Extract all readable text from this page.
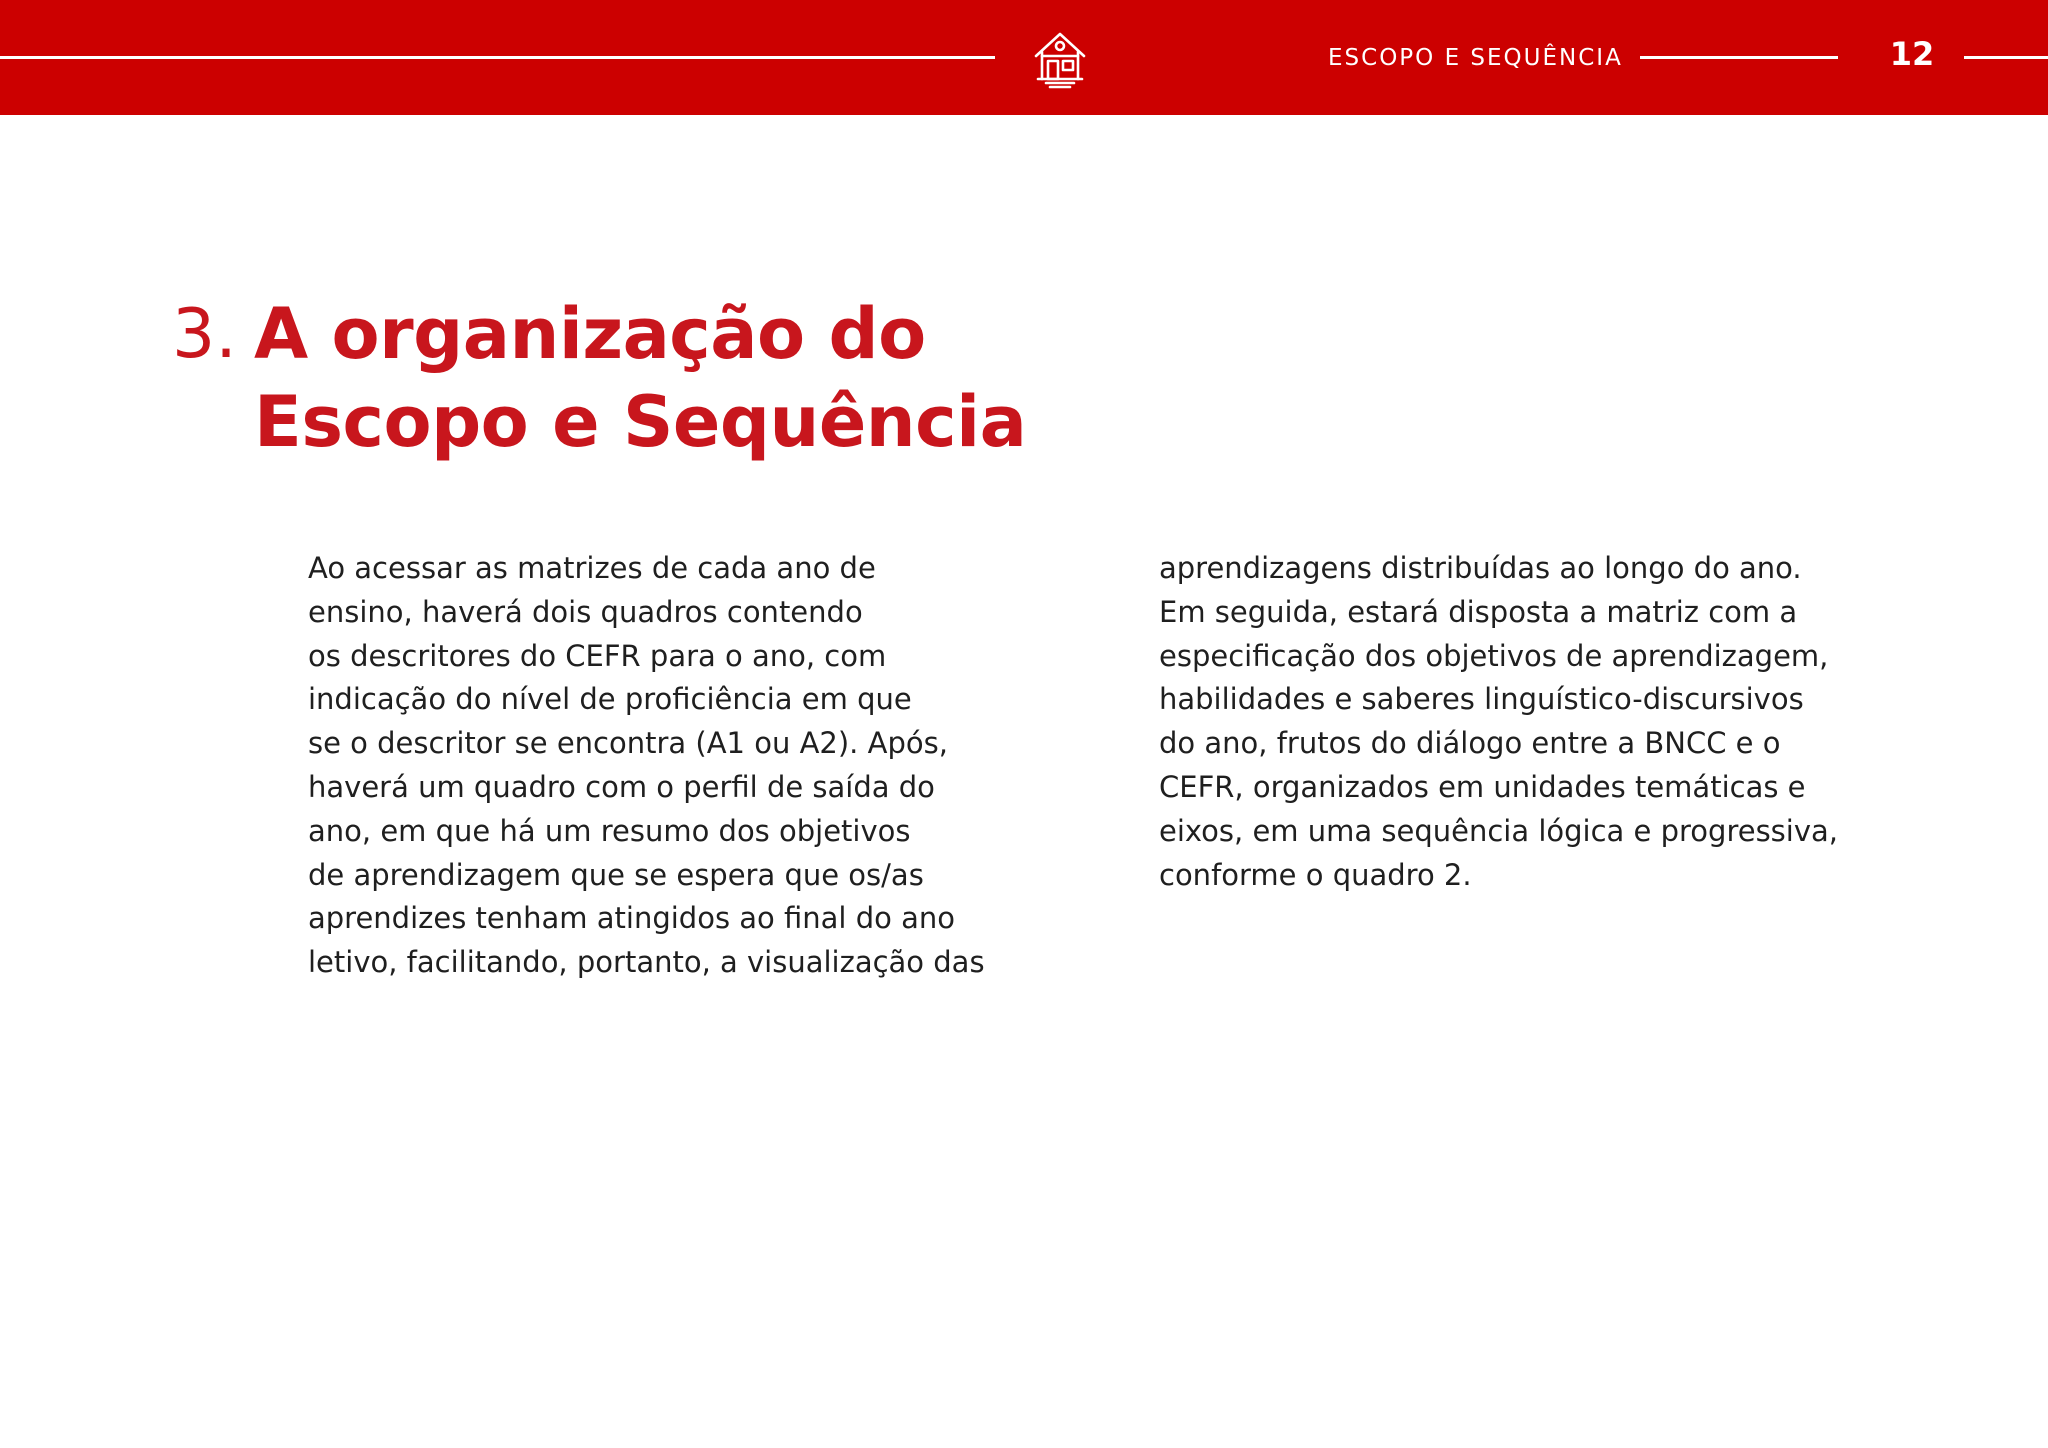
ESCOPO E SEQUÊNCIA	12
3. A organização do
Escopo e Sequência
Ao acessar as matrizes de cada ano de
ensino, haverá dois quadros contendo
os descritores do CEFR para o ano, com
indicação do nível de proficiência em que
se o descritor se encontra (A1 ou A2). Após,
haverá um quadro com o perfil de saída do
ano, em que há um resumo dos objetivos
de aprendizagem que se espera que os/as
aprendizes tenham atingidos ao final do ano
letivo, facilitando, portanto, a visualização das
aprendizagens distribuídas ao longo do ano.
Em seguida, estará disposta a matriz com a
especificação dos objetivos de aprendizagem,
habilidades e saberes linguístico-discursivos
do ano, frutos do diálogo entre a BNCC e o
CEFR, organizados em unidades temáticas e
eixos, em uma sequência lógica e progressiva,
conforme o quadro 2.
